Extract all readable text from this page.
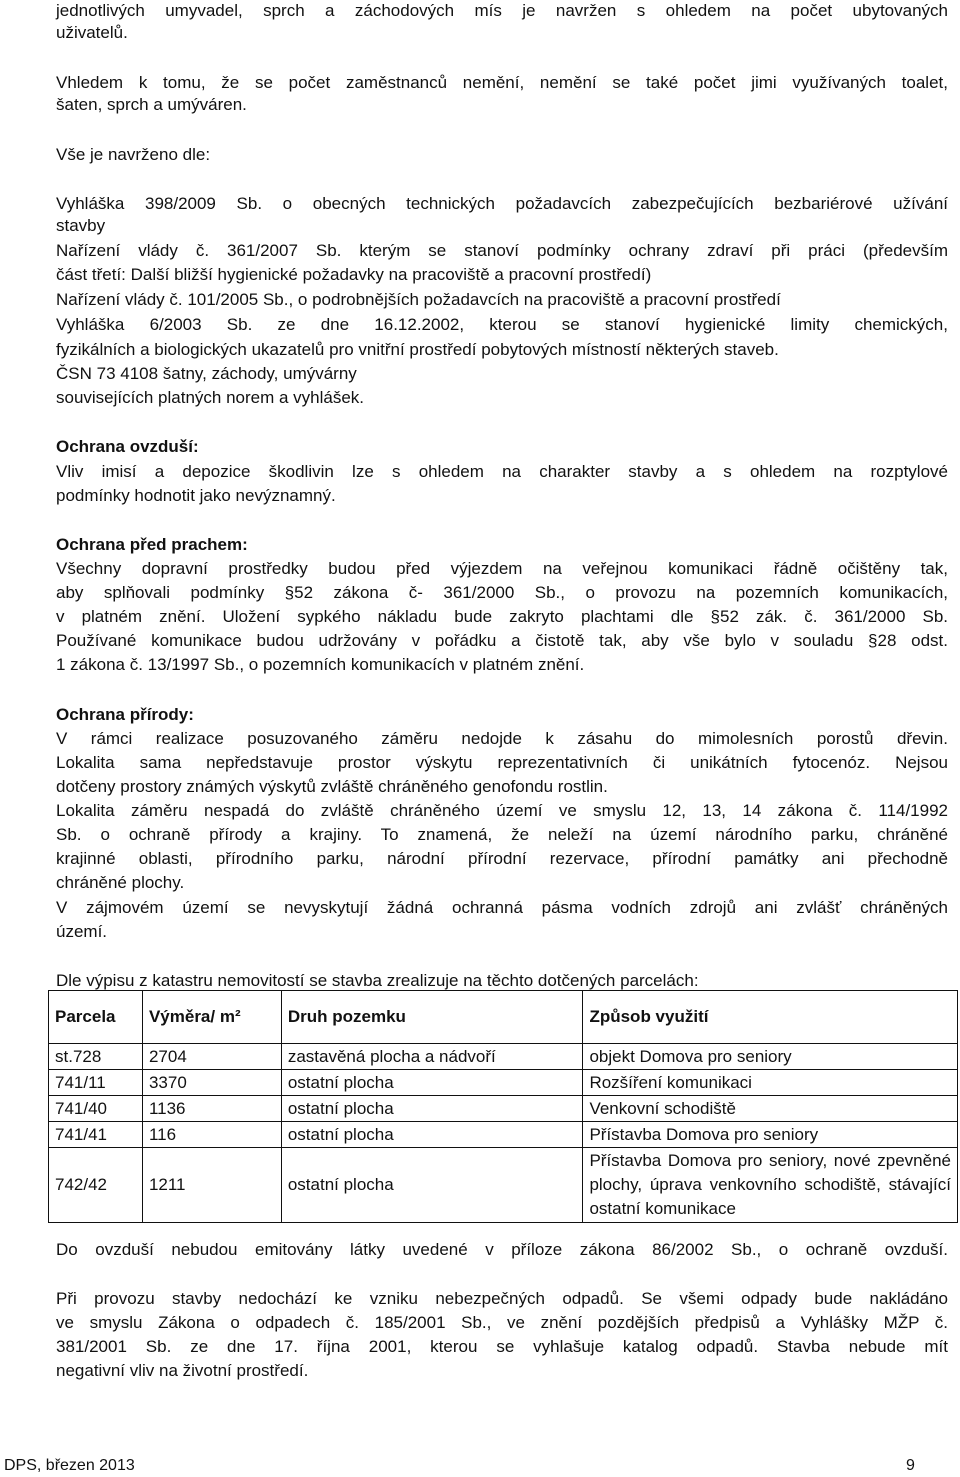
jednotlivých umyvadel, sprch a záchodových mís je navržen s ohledem na počet ubytovaných
uživatelů.
Vhledem k tomu, že se počet zaměstnanců nemění, nemění se také počet jimi využívaných toalet,
šaten, sprch a umýváren.
Vše je navrženo dle:
Vyhláška 398/2009 Sb. o obecných technických požadavcích zabezpečujících bezbariérové užívání
stavby
Nařízení vlády č. 361/2007 Sb. kterým se stanoví podmínky ochrany zdraví při práci (především
část třetí: Další bližší hygienické požadavky na pracoviště a pracovní prostředí)
Nařízení vlády č. 101/2005 Sb., o podrobnějších požadavcích na pracoviště a pracovní prostředí
Vyhláška 6/2003 Sb. ze dne 16.12.2002, kterou se stanoví hygienické limity chemických,
fyzikálních a biologických ukazatelů pro vnitřní prostředí pobytových místností některých staveb.
ČSN 73 4108 šatny, záchody, umývárny
souvisejících platných norem a vyhlášek.
Ochrana ovzduší:
Vliv imisí a depozice škodlivin lze s ohledem na charakter stavby a s ohledem na rozptylové
podmínky hodnotit jako nevýznamný.
Ochrana před prachem:
Všechny dopravní prostředky budou před výjezdem na veřejnou komunikaci řádně očištěny tak,
aby splňovali podmínky §52 zákona č- 361/2000 Sb., o provozu na pozemních komunikacích,
v platném znění. Uložení sypkého nákladu bude zakryto plachtami dle §52 zák. č. 361/2000 Sb.
Používané komunikace budou udržovány v pořádku a čistotě tak, aby vše bylo v souladu §28 odst.
1 zákona č. 13/1997 Sb., o pozemních komunikacích v platném znění.
Ochrana přírody:
V rámci realizace posuzovaného záměru nedojde k zásahu do mimolesních porostů dřevin.
Lokalita sama nepředstavuje prostor výskytu reprezentativních či unikátních fytocenóz. Nejsou
dotčeny prostory známých výskytů zvláště chráněného genofondu rostlin.
Lokalita záměru nespadá do zvláště chráněného území ve smyslu 12, 13, 14 zákona č. 114/1992
Sb. o ochraně přírody a krajiny. To znamená, že neleží na území národního parku, chráněné
krajinné oblasti, přírodního parku, národní přírodní rezervace, přírodní památky ani přechodně
chráněné plochy.
V zájmovém území se nevyskytují žádná ochranná pásma vodních zdrojů ani zvlášť chráněných
území.
Dle výpisu z katastru nemovitostí se stavba zrealizuje na těchto dotčených parcelách:
Do ovzduší nebudou emitovány látky uvedené v příloze zákona 86/2002 Sb., o ochraně ovzduší.
Při provozu stavby nedochází ke vzniku nebezpečných odpadů. Se všemi odpady bude nakládáno
ve smyslu Zákona o odpadech č. 185/2001 Sb., ve znění pozdějších předpisů a Vyhlášky MŽP č.
381/2001 Sb. ze dne 17. října 2001, kterou se vyhlašuje katalog odpadů. Stavba nebude mít
negativní vliv na životní prostředí.
Parcela	Výměra/ m²	Druh pozemku	Způsob využití
st.728	2704	zastavěná plocha a nádvoří	objekt Domova pro seniory
741/11	3370	ostatní plocha	Rozšíření komunikaci
741/40	1136	ostatní plocha	Venkovní schodiště
741/41	116	ostatní plocha	Přístavba Domova pro seniory
742/42	1211	ostatní plocha	Přístavba Domova pro seniory, nové zpevněné plochy, úprava venkovního schodiště, stávající ostatní komunikace
DPS, březen 2013	9
